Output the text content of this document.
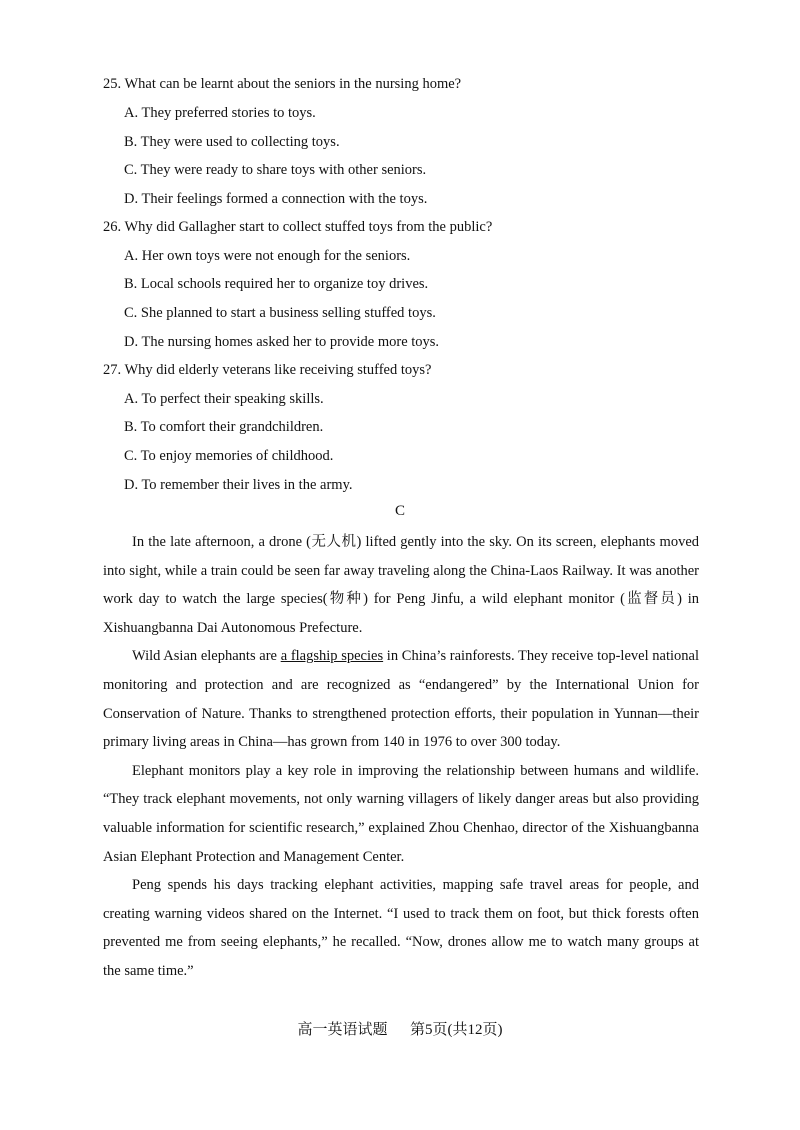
25. What can be learnt about the seniors in the nursing home?
A. They preferred stories to toys.
B. They were used to collecting toys.
C. They were ready to share toys with other seniors.
D. Their feelings formed a connection with the toys.
26. Why did Gallagher start to collect stuffed toys from the public?
A. Her own toys were not enough for the seniors.
B. Local schools required her to organize toy drives.
C. She planned to start a business selling stuffed toys.
D. The nursing homes asked her to provide more toys.
27. Why did elderly veterans like receiving stuffed toys?
A. To perfect their speaking skills.
B. To comfort their grandchildren.
C. To enjoy memories of childhood.
D. To remember their lives in the army.
C

In the late afternoon, a drone (无人机) lifted gently into the sky. On its screen, elephants moved into sight, while a train could be seen far away traveling along the China-Laos Railway. It was another work day to watch the large species(物种) for Peng Jinfu, a wild elephant monitor (监督员) in Xishuangbanna Dai Autonomous Prefecture.

Wild Asian elephants are a flagship species in China’s rainforests. They receive top-level national monitoring and protection and are recognized as “endangered” by the International Union for Conservation of Nature. Thanks to strengthened protection efforts, their population in Yunnan—their primary living areas in China—has grown from 140 in 1976 to over 300 today.

Elephant monitors play a key role in improving the relationship between humans and wildlife. “They track elephant movements, not only warning villagers of likely danger areas but also providing valuable information for scientific research,” explained Zhou Chenhao, director of the Xishuangbanna Asian Elephant Protection and Management Center.

Peng spends his days tracking elephant activities, mapping safe travel areas for people, and creating warning videos shared on the Internet. “I used to track them on foot, but thick forests often prevented me from seeing elephants,” he recalled. “Now, drones allow me to watch many groups at the same time.”

高一英语试题 第5页(共12页)
